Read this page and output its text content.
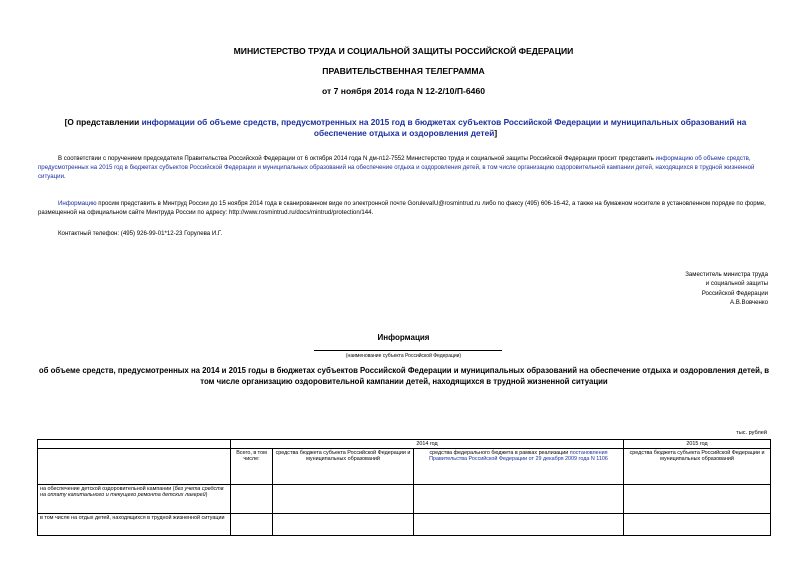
МИНИСТЕРСТВО ТРУДА И СОЦИАЛЬНОЙ ЗАЩИТЫ РОССИЙСКОЙ ФЕДЕРАЦИИ
ПРАВИТЕЛЬСТВЕННАЯ ТЕЛЕГРАММА
от 7 ноября 2014 года N 12-2/10/П-6460
[О представлении информации об объеме средств, предусмотренных на 2015 год в бюджетах субъектов Российской Федерации и муниципальных образований на обеспечение отдыха и оздоровления детей]
В соответствии с поручением председателя Правительства Российской Федерации от 6 октября 2014 года N дм-п12-7552 Министерство труда и социальной защиты Российской Федерации просит представить информацию об объеме средств, предусмотренных на 2015 год в бюджетах субъектов Российской Федерации и муниципальных образований на обеспечение отдыха и оздоровления детей, в том числе организацию оздоровительной кампании детей, находящихся в трудной жизненной ситуации.
Информацию просим представить в Минтруд России до 15 ноября 2014 года в сканированном виде по электронной почте GorulevaIU@rosmintrud.ru либо по факсу (495) 606-16-42, а также на бумажном носителе в установленном порядке по форме, размещенной на официальном сайте Минтруда России по адресу: http://www.rosmintrud.ru/docs/mintrud/protection/144.
Контактный телефон: (495) 926-99-01*12-23 Горулева И.Г.
Заместитель министра труда
и социальной защиты
Российской Федерации
А.В.Вовченко
Информация
(наименование субъекта Российской Федерации)
об объеме средств, предусмотренных на 2014 и 2015 годы в бюджетах субъектов Российской Федерации и муниципальных образований на обеспечение отдыха и оздоровления детей, в том числе организацию оздоровительной кампании детей, находящихся в трудной жизненной ситуации
тыс. рублей
	2014 год			2015 год
	Всего, в том числе:	средства бюджета субъекта Российской Федерации и муниципальных образований	средства федерального бюджета в рамках реализации постановления Правительства Российской Федерации от 29 декабря 2009 года N 1106	средства бюджета субъекта Российской Федерации и муниципальных образований
на обеспечение детской оздоровительной кампании (без учета средств на оплату капитального и текущего ремонта детских лагерей)				
в том числе на отдых детей, находящихся в трудной жизненной ситуации				
